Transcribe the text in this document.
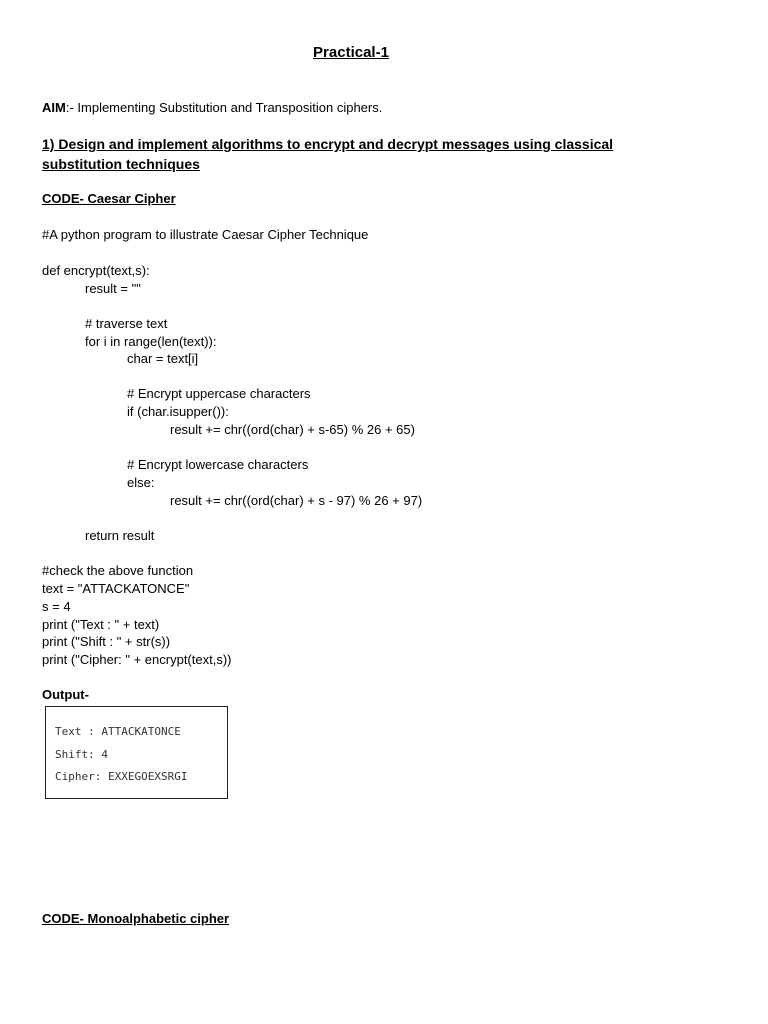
Practical-1
AIM:- Implementing Substitution and Transposition ciphers.
1) Design and implement algorithms to encrypt and decrypt messages using classical
substitution techniques
CODE- Caesar Cipher
#A python program to illustrate Caesar Cipher Technique
def encrypt(text,s):
result = ""
# traverse text
for i in range(len(text)):
char = text[i]
# Encrypt uppercase characters
if (char.isupper()):
result += chr((ord(char) + s-65) % 26 + 65)
# Encrypt lowercase characters
else:
result += chr((ord(char) + s - 97) % 26 + 97)
return result
#check the above function
text = "ATTACKATONCE"
s = 4
print ("Text : " + text)
print ("Shift : " + str(s))
print ("Cipher: " + encrypt(text,s))
Output-
Text : ATTACKATONCE
Shift: 4
Cipher: EXXEGOEXSRGI
CODE- Monoalphabetic cipher
